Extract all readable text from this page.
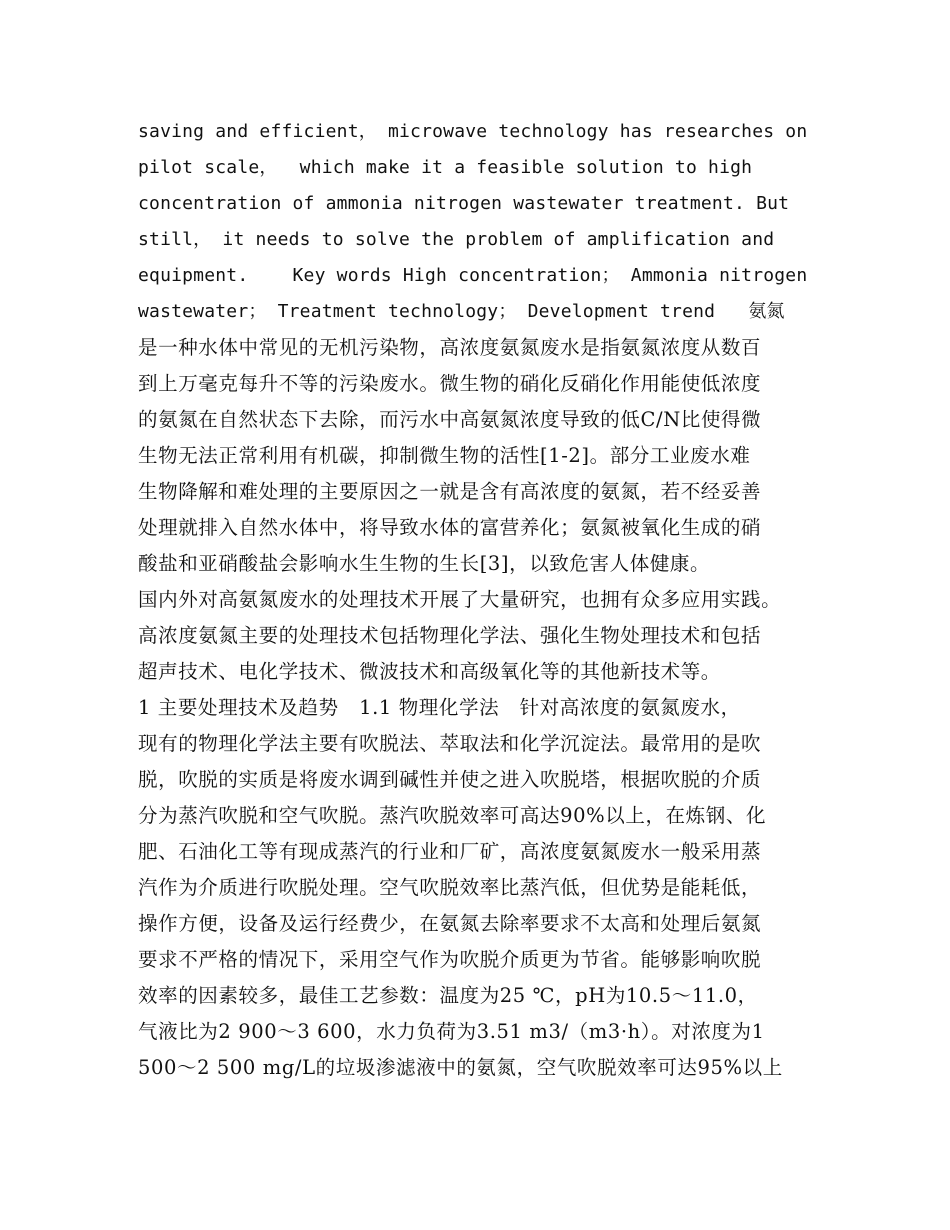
saving and efficient， microwave technology has researches on
pilot scale，  which make it a feasible solution to high
concentration of ammonia nitrogen wastewater treatment. But
still， it needs to solve the problem of amplification and
equipment.    Key words High concentration； Ammonia nitrogen
wastewater； Treatment technology； Development trend   氨氮
是一种水体中常见的无机污染物，高浓度氨氮废水是指氨氮浓度从数百
到上万毫克每升不等的污染废水。微生物的硝化反硝化作用能使低浓度
的氨氮在自然状态下去除，而污水中高氨氮浓度导致的低C/N比使得微
生物无法正常利用有机碳，抑制微生物的活性[1-2]。部分工业废水难
生物降解和难处理的主要原因之一就是含有高浓度的氨氮，若不经妥善
处理就排入自然水体中，将导致水体的富营养化；氨氮被氧化生成的硝
酸盐和亚硝酸盐会影响水生生物的生长[3]，以致危害人体健康。
国内外对高氨氮废水的处理技术开展了大量研究，也拥有众多应用实践。
高浓度氨氮主要的处理技术包括物理化学法、强化生物处理技术和包括
超声技术、电化学技术、微波技术和高级氧化等的其他新技术等。
1 主要处理技术及趋势   1.1 物理化学法   针对高浓度的氨氮废水，
现有的物理化学法主要有吹脱法、萃取法和化学沉淀法。最常用的是吹
脱，吹脱的实质是将废水调到碱性并使之进入吹脱塔，根据吹脱的介质
分为蒸汽吹脱和空气吹脱。蒸汽吹脱效率可高达90%以上，在炼钢、化
肥、石油化工等有现成蒸汽的行业和厂矿，高浓度氨氮废水一般采用蒸
汽作为介质进行吹脱处理。空气吹脱效率比蒸汽低，但优势是能耗低，
操作方便，设备及运行经费少，在氨氮去除率要求不太高和处理后氨氮
要求不严格的情况下，采用空气作为吹脱介质更为节省。能够影响吹脱
效率的因素较多，最佳工艺参数：温度为25 ℃，pH为10.5～11.0，
气液比为2 900～3 600，水力负荷为3.51 m3/（m3·h）。对浓度为1
500～2 500 mg/L的垃圾渗滤液中的氨氮，空气吹脱效率可达95%以上
